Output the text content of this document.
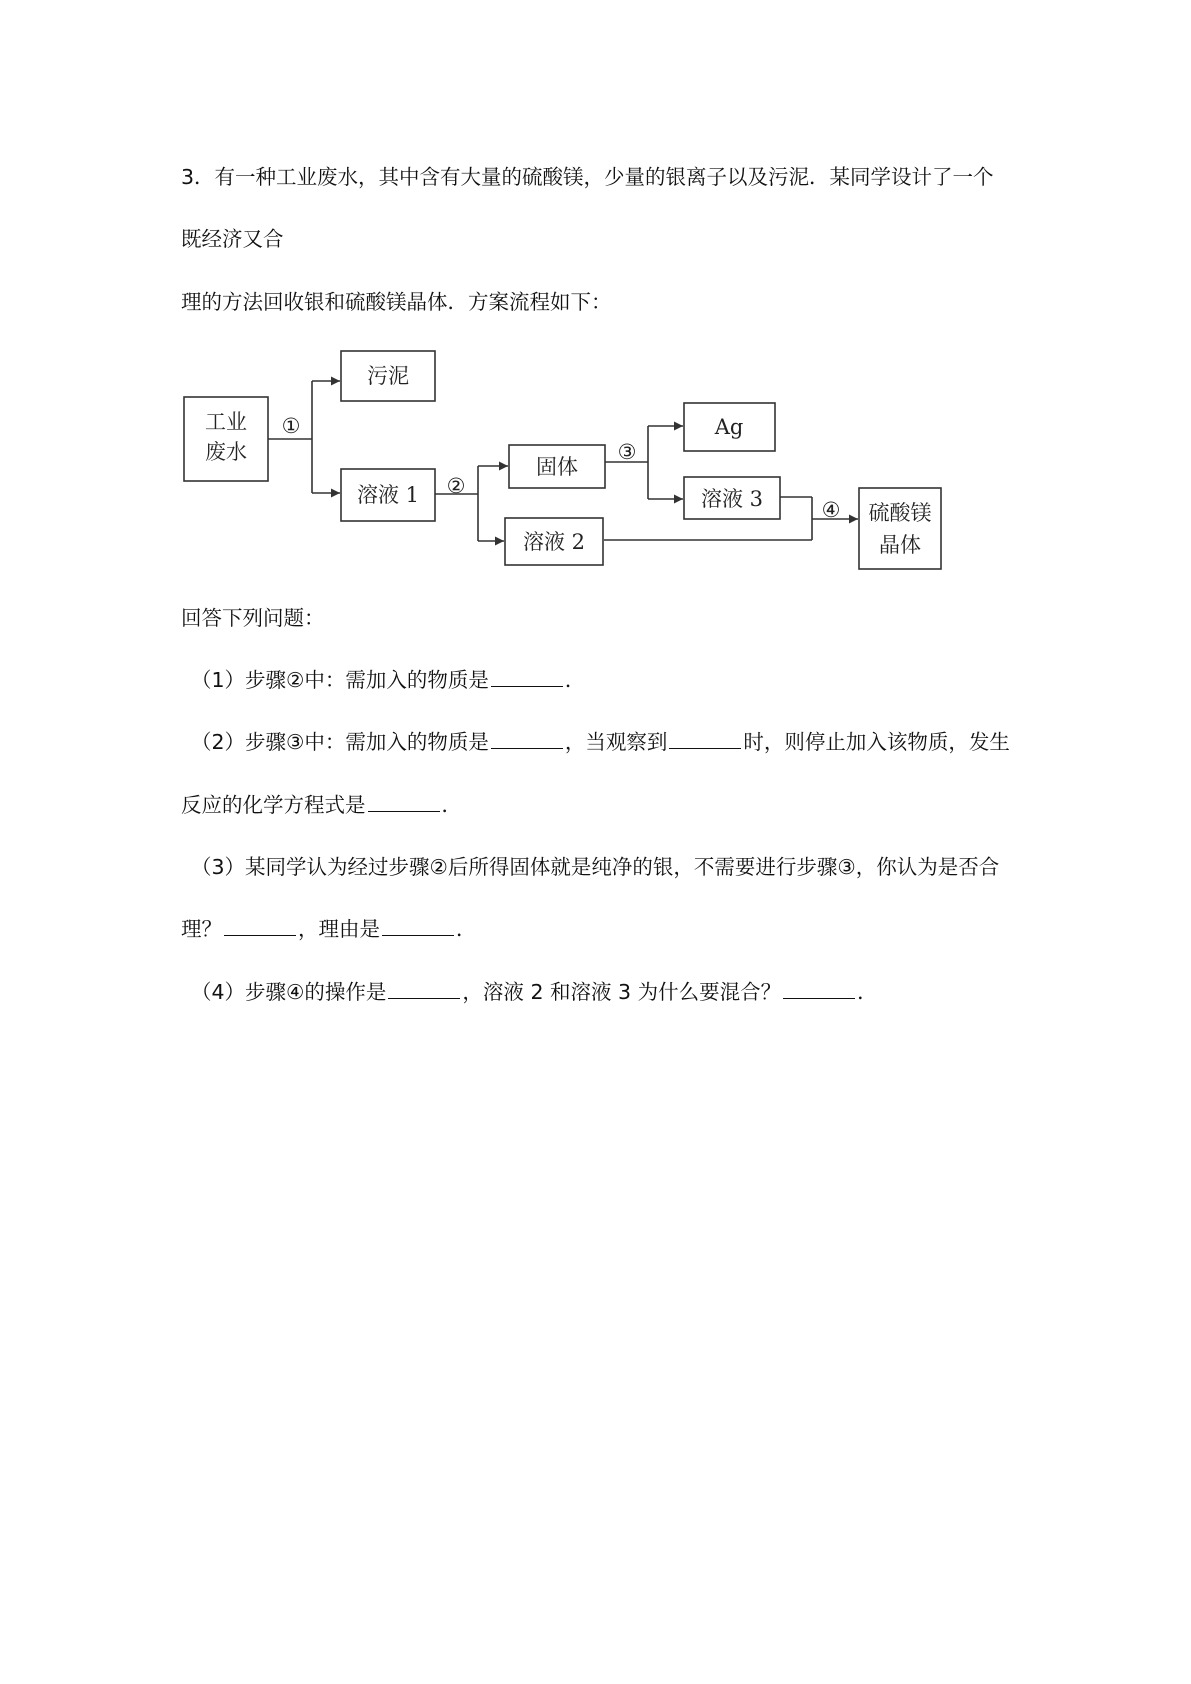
3．有一种工业废水，其中含有大量的硫酸镁，少量的银离子以及污泥．某同学设计了一个
既经济又合
理的方法回收银和硫酸镁晶体．方案流程如下：
工业
废水
污泥
溶液 1
固体
溶液 2
Ag
溶液 3
硫酸镁
晶体
①
②
③
④
回答下列问题：
（1）步骤②中：需加入的物质是	．
（2）步骤③中：需加入的物质是	，当观察到	时，则停止加入该物质，发生
反应的化学方程式是	．
（3）某同学认为经过步骤②后所得固体就是纯净的银，不需要进行步骤③，你认为是否合
理？	，理由是	．
（4）步骤④的操作是	，溶液 2 和溶液 3 为什么要混合？	．
